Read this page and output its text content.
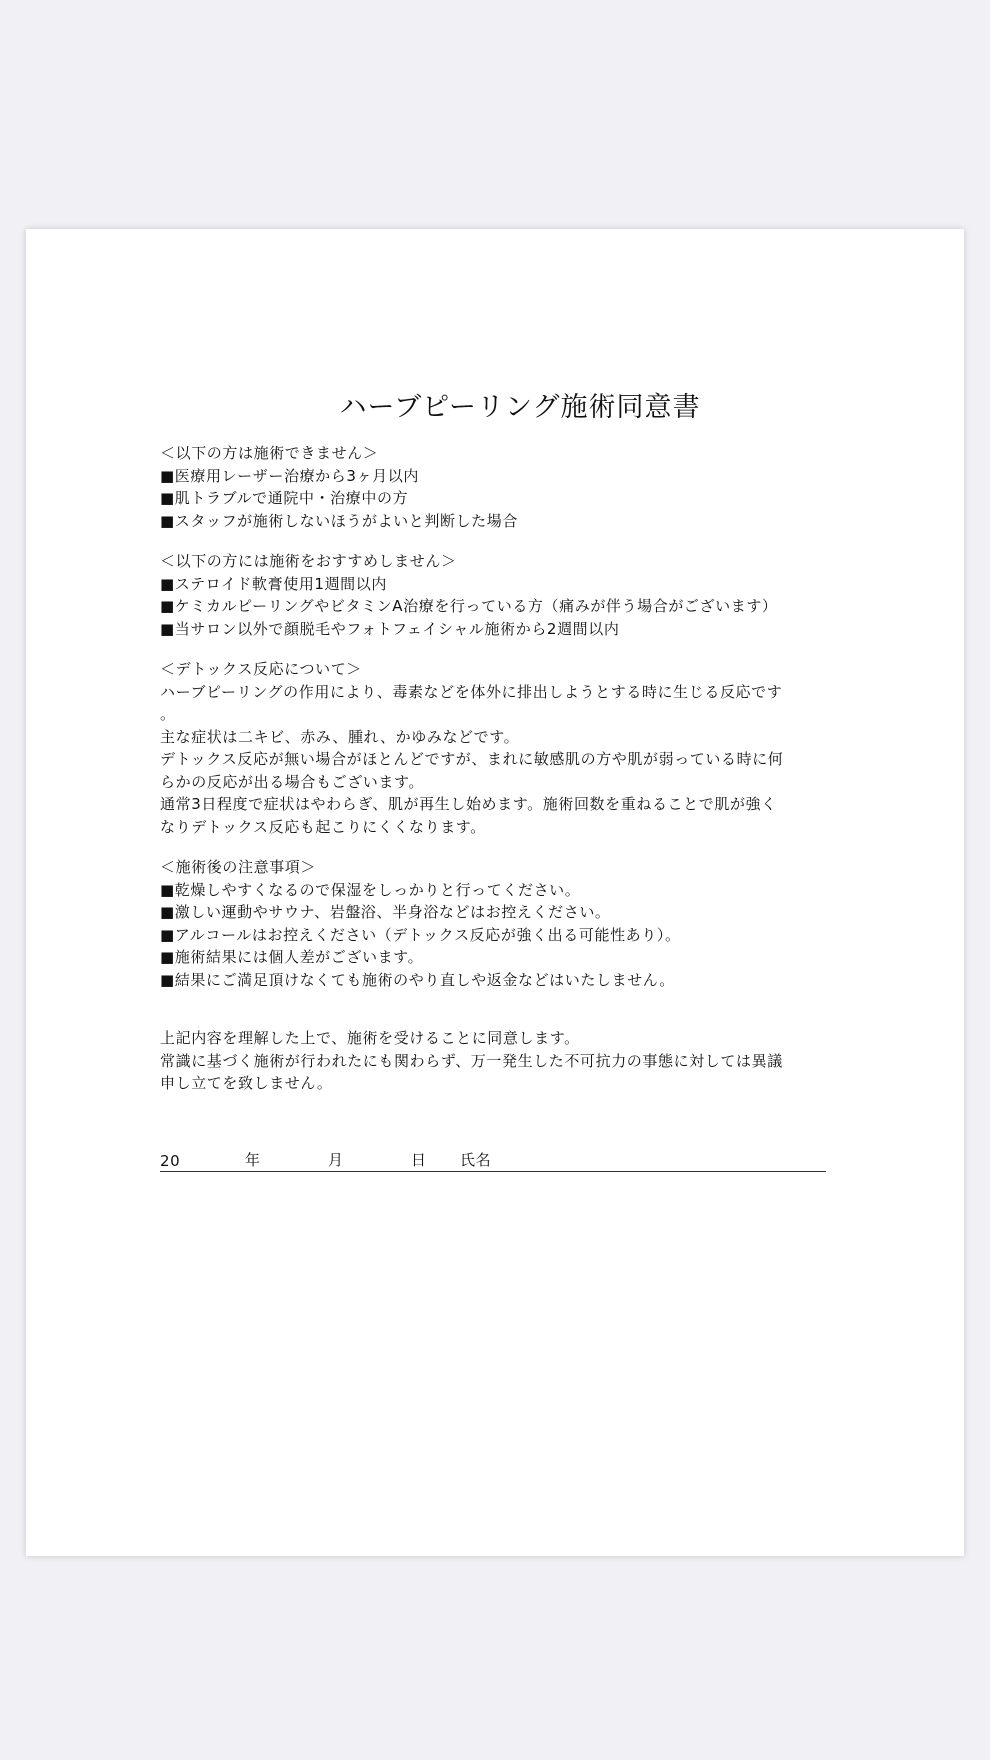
ハーブピーリング施術同意書
＜以下の方は施術できません＞
■医療用レーザー治療から3ヶ月以内
■肌トラブルで通院中・治療中の方
■スタッフが施術しないほうがよいと判断した場合
＜以下の方には施術をおすすめしません＞
■ステロイド軟膏使用1週間以内
■ケミカルピーリングやビタミンA治療を行っている方（痛みが伴う場合がございます）
■当サロン以外で顔脱毛やフォトフェイシャル施術から2週間以内
＜デトックス反応について＞
ハーブピーリングの作用により、毒素などを体外に排出しようとする時に生じる反応です
。
主な症状は二キビ、赤み、腫れ、かゆみなどです。
デトックス反応が無い場合がほとんどですが、まれに敏感肌の方や肌が弱っている時に何
らかの反応が出る場合もございます。
通常3日程度で症状はやわらぎ、肌が再生し始めます。施術回数を重ねることで肌が強く
なりデトックス反応も起こりにくくなります。
＜施術後の注意事項＞
■乾燥しやすくなるので保湿をしっかりと行ってください。
■激しい運動やサウナ、岩盤浴、半身浴などはお控えください。
■アルコールはお控えください（デトックス反応が強く出る可能性あり）。
■施術結果には個人差がございます。
■結果にご満足頂けなくても施術のやり直しや返金などはいたしません。
上記内容を理解した上で、施術を受けることに同意します。
常識に基づく施術が行われたにも関わらず、万一発生した不可抗力の事態に対しては異議
申し立てを致しません。
20	年	月	日 氏名
